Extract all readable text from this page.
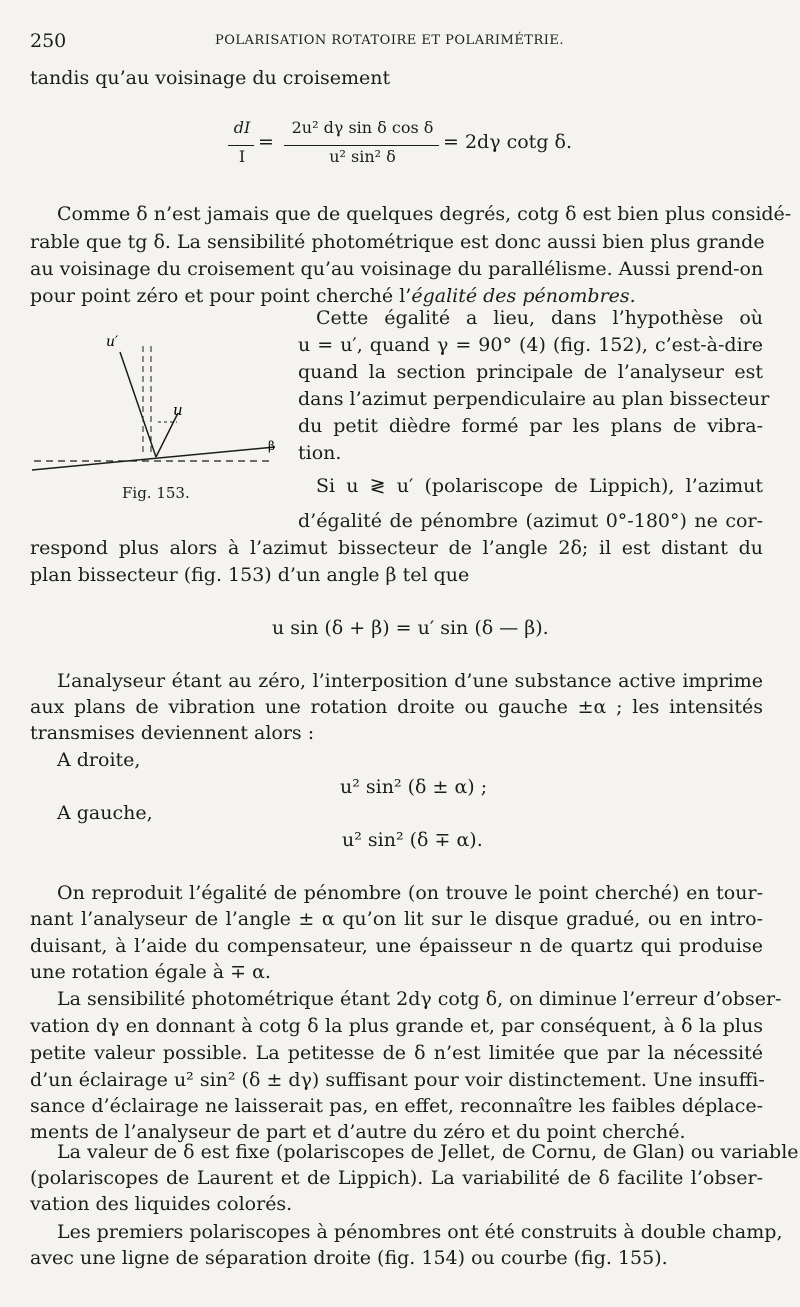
250	POLARISATION ROTATOIRE ET POLARIMÉTRIE.
tandis qu’au voisinage du croisement
dI
I
=
2u² dγ sin δ cos δ
u² sin² δ
= 2dγ cotg δ.
Comme δ n’est jamais que de quelques degrés, cotg δ est bien plus considé-
rable que tg δ. La sensibilité photométrique est donc aussi bien plus grande
au voisinage du croisement qu’au voisinage du parallélisme. Aussi prend-on
pour point zéro et pour point cherché l’égalité des pénombres.
u′
u
β
Fig. 153.
Cette égalité a lieu, dans l’hypothèse où
u = u′, quand γ = 90° (4) (fig. 152), c’est-à-dire
quand la section principale de l’analyseur est
dans l’azimut perpendiculaire au plan bissecteur
du petit dièdre formé par les plans de vibra-
tion.
Si u ≷ u′ (polariscope de Lippich), l’azimut
d’égalité de pénombre (azimut 0°-180°) ne cor-
respond plus alors à l’azimut bissecteur de l’angle 2δ; il est distant du
plan bissecteur (fig. 153) d’un angle β tel que
u sin (δ + β) = u′ sin (δ — β).
L’analyseur étant au zéro, l’interposition d’une substance active imprime
aux plans de vibration une rotation droite ou gauche ±α ; les intensités
transmises deviennent alors :
A droite,
u² sin² (δ ± α) ;
A gauche,
u² sin² (δ ∓ α).
On reproduit l’égalité de pénombre (on trouve le point cherché) en tour-
nant l’analyseur de l’angle ± α qu’on lit sur le disque gradué, ou en intro-
duisant, à l’aide du compensateur, une épaisseur n de quartz qui produise
une rotation égale à ∓ α.
La sensibilité photométrique étant 2dγ cotg δ, on diminue l’erreur d’obser-
vation dγ en donnant à cotg δ la plus grande et, par conséquent, à δ la plus
petite valeur possible. La petitesse de δ n’est limitée que par la nécessité
d’un éclairage u² sin² (δ ± dγ) suffisant pour voir distinctement. Une insuffi-
sance d’éclairage ne laisserait pas, en effet, reconnaître les faibles déplace-
ments de l’analyseur de part et d’autre du zéro et du point cherché.
La valeur de δ est fixe (polariscopes de Jellet, de Cornu, de Glan) ou variable
(polariscopes de Laurent et de Lippich). La variabilité de δ facilite l’obser-
vation des liquides colorés.
Les premiers polariscopes à pénombres ont été construits à double champ,
avec une ligne de séparation droite (fig. 154) ou courbe (fig. 155).
